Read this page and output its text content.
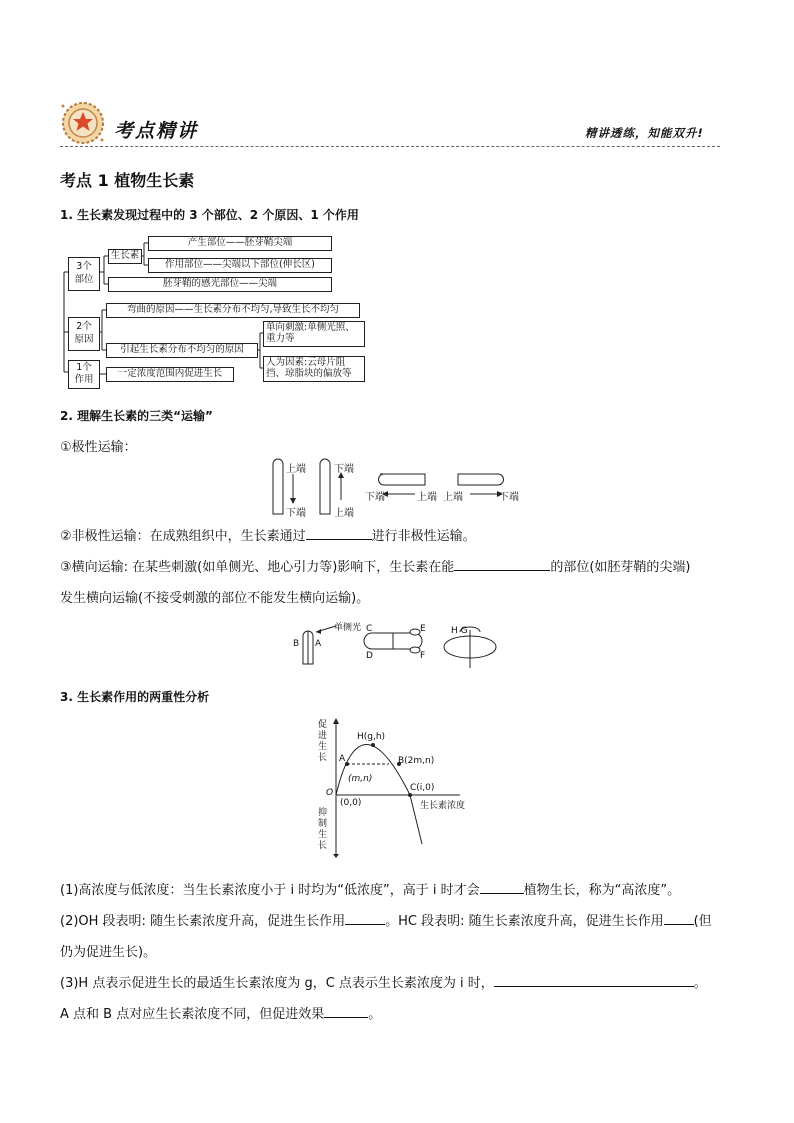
考点精讲	精讲透练，知能双升!
考点 1 植物生长素
1. 生长素发现过程中的 3 个部位、2 个原因、1 个作用
3个
部位
生长素
产生部位——胚芽鞘尖端
作用部位——尖端以下部位(伸长区)
胚芽鞘的感光部位——尖端
2个
原因
弯曲的原因——生长素分布不均匀,导致生长不均匀
引起生长素分布不均匀的原因
单向刺激:单侧光照、
重力等
人为因素:云母片阻
挡、琼脂块的偏放等
1个
作用
一定浓度范围内促进生长
2. 理解生长素的三类“运输”
①极性运输：
上端
下端
下端
上端
下端	上端 上端	下端
②非极性运输：在成熟组织中，生长素通过	进行非极性运输。
③横向运输: 在某些刺激(如单侧光、地心引力等)影响下，生长素在能	的部位(如胚芽鞘的尖端)
发生横向运输(不接受刺激的部位不能发生横向运输)。
单侧光
B A
C
D
E
F
H G
3. 生长素作用的两重性分析
促
进
生
长
抑
制
生
长
O
H(g,h)
A	B(2m,n)
(m,n)
C(i,0)
(0,0)	生长素浓度
(1)高浓度与低浓度：当生长素浓度小于 i 时均为“低浓度”，高于 i 时才会	植物生长，称为“高浓度”。
(2)OH 段表明: 随生长素浓度升高，促进生长作用	。HC 段表明: 随生长素浓度升高，促进生长作用 (但
仍为促进生长)。
(3)H 点表示促进生长的最适生长素浓度为 g，C 点表示生长素浓度为 i 时，	。
A 点和 B 点对应生长素浓度不同，但促进效果	。
